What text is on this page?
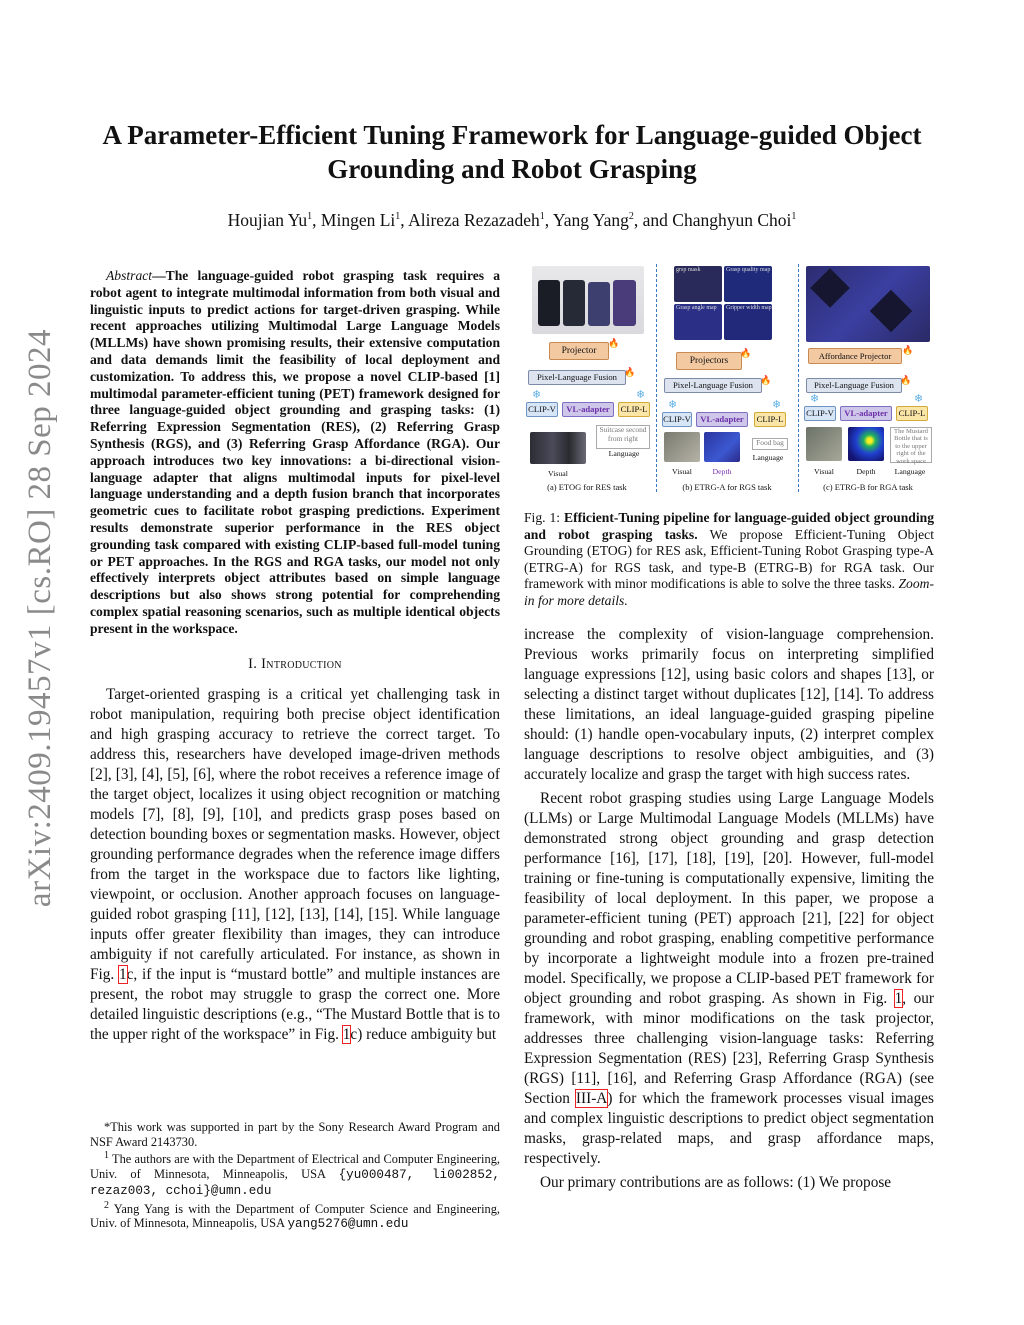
arXiv:2409.19457v1 [cs.RO] 28 Sep 2024
A Parameter-Efficient Tuning Framework for Language-guided Object Grounding and Robot Grasping
Houjian Yu$^1$, Mingen Li$^1$, Alireza Rezazadeh$^1$, Yang Yang$^2$, and Changhyun Choi$^1$

Abstract—The language-guided robot grasping task requires a robot agent to integrate multimodal information from both visual and linguistic inputs to predict actions for target-driven grasping. While recent approaches utilizing Multimodal Large Language Models (MLLMs) have shown promising results, their extensive computation and data demands limit the feasibility of local deployment and customization. To address this, we propose a novel CLIP-based [1] multimodal parameter-efficient tuning (PET) framework designed for three language-guided object grounding and grasping tasks: (1) Referring Expression Segmentation (RES), (2) Referring Grasp Synthesis (RGS), and (3) Referring Grasp Affordance (RGA). Our approach introduces two key innovations: a bi-directional vision-language adapter that aligns multimodal inputs for pixel-level language understanding and a depth fusion branch that incorporates geometric cues to facilitate robot grasping predictions. Experiment results demonstrate superior performance in the RES object grounding task compared with existing CLIP-based full-model tuning or PET approaches. In the RGS and RGA tasks, our model not only effectively interprets object attributes based on simple language descriptions but also shows strong potential for comprehending complex spatial reasoning scenarios, such as multiple identical objects present in the workspace.

I. Introduction

Target-oriented grasping is a critical yet challenging task in robot manipulation, requiring both precise object identification and high grasping accuracy to retrieve the correct target. To address this, researchers have developed image-driven methods [2], [3], [4], [5], [6], where the robot receives a reference image of the target object, localizes it using object recognition or matching models [7], [8], [9], [10], and predicts grasp poses based on detection bounding boxes or segmentation masks. However, object grounding performance degrades when the reference image differs from the target in the workspace due to factors like lighting, viewpoint, or occlusion. Another approach focuses on language-guided robot grasping [11], [12], [13], [14], [15]. While language inputs offer greater flexibility than images, they can introduce ambiguity if not carefully articulated. For instance, as shown in Fig. 1c, if the input is “mustard bottle” and multiple instances are present, the robot may struggle to grasp the correct one. More detailed linguistic descriptions (e.g., “The Mustard Bottle that is to the upper right of the workspace” in Fig. 1c) reduce ambiguity but

*This work was supported in part by the Sony Research Award Program and NSF Award 2143730.

$^1$ The authors are with the Department of Electrical and Computer Engineering, Univ. of Minnesota, Minneapolis, USA {yu000487, li002852, rezaz003, cchoi}@umn.edu

$^2$ Yang Yang is with the Department of Computer Science and Engineering, Univ. of Minnesota, Minneapolis, USA yang5276@umn.edu

Projector
🔥
Pixel-Language Fusion 🔥
CLIP-V
❄
VL-adapter	CLIP-L
❄
Suitcase second from right
Language
Visual
(a) ETOG for RES task
grsp mask	Grasp quality map
Grasp angle map Gripper width map
Projectors
🔥
Pixel-Language Fusion 🔥
CLIP-V
❄
VL-adapter	CLIP-L
❄
Food bag
Language
Visual	Depth
(b) ETRG-A for RGS task
Affordance Projector
🔥
Pixel-Language Fusion 🔥
CLIP-V
❄
VL-adapter	CLIP-L
❄
The Mustard Bottle that is to the upper right of the work space
Visual	Depth	Language
(c) ETRG-B for RGA task

Fig. 1: Efficient-Tuning pipeline for language-guided object grounding and robot grasping tasks. We propose Efficient-Tuning Object Grounding (ETOG) for RES ask, Efficient-Tuning Robot Grasping type-A (ETRG-A) for RGS task, and type-B (ETRG-B) for RGA task. Our framework with minor modifications is able to solve the three tasks. Zoom-in for more details.

increase the complexity of vision-language comprehension. Previous works primarily focus on interpreting simplified language expressions [12], using basic colors and shapes [13], or selecting a distinct target without duplicates [12], [14]. To address these limitations, an ideal language-guided grasping pipeline should: (1) handle open-vocabulary inputs, (2) interpret complex language descriptions to resolve object ambiguities, and (3) accurately localize and grasp the target with high success rates.

Recent robot grasping studies using Large Language Models (LLMs) or Large Multimodal Language Models (MLLMs) have demonstrated strong object grounding and grasp detection performance [16], [17], [18], [19], [20]. However, full-model training or fine-tuning is computationally expensive, limiting the feasibility of local deployment. In this paper, we propose a parameter-efficient tuning (PET) approach [21], [22] for object grounding and robot grasping, enabling competitive performance by incorporate a lightweight module into a frozen pre-trained model. Specifically, we propose a CLIP-based PET framework for object grounding and robot grasping. As shown in Fig. 1, our framework, with minor modifications on the task projector, addresses three challenging vision-language tasks: Referring Expression Segmentation (RES) [23], Referring Grasp Synthesis (RGS) [11], [16], and Referring Grasp Affordance (RGA) (see Section III-A) for which the framework processes visual images and complex linguistic descriptions to predict object segmentation masks, grasp-related maps, and grasp affordance maps, respectively.

Our primary contributions are as follows: (1) We propose
